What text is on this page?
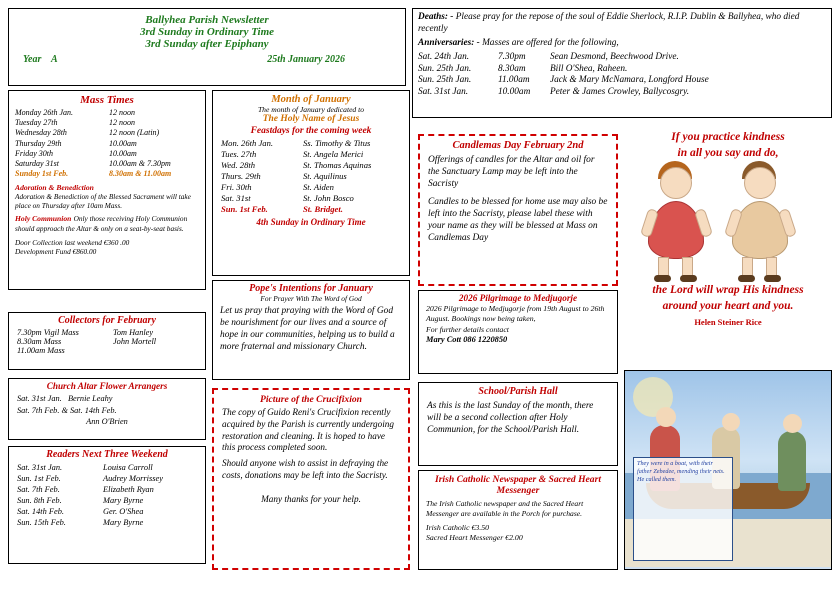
Ballyhea Parish Newsletter
3rd Sunday in Ordinary Time
3rd Sunday after Epiphany
Year A	25th January 2026
Deaths: - Please pray for the repose of the soul of Eddie Sherlock, R.I.P. Dublin & Ballyhea, who died recently
Anniversaries: - Masses are offered for the following,
Sat. 24th Jan.	7.30pm	Sean Desmond, Beechwood Drive.
Sun. 25th Jan.	8.30am	Bill O'Shea, Raheen.
Sun. 25th Jan.	11.00am	Jack & Mary McNamara, Longford House
Sat. 31st Jan.	10.00am	Peter & James Crowley, Ballycosgry.
Mass Times
Monday 26th Jan.	12 noon
Tuesday 27th	12 noon
Wednesday 28th	12 noon (Latin)
Thursday 29th	10.00am
Friday 30th	10.00am
Saturday 31st	10.00am & 7.30pm
Sunday 1st Feb.	8.30am & 11.00am
Adoration & Benediction
Adoration & Benediction of the Blessed Sacrament will take place on Thursday after 10am Mass.
Holy Communion Only those receiving Holy Communion should approach the Altar & only on a seat-by-seat basis.
Door Collection last weekend €360 .00
Development Fund €860.00
Collectors for February
7.30pm Vigil Mass	Tom Hanley
8.30am Mass	John Mortell
11.00am Mass	
Church Altar Flower Arrangers
Sat. 31st Jan. Bernie Leahy
Sat. 7th Feb. & Sat. 14th Feb.
Ann O'Brien
Readers Next Three Weekend
Sat. 31st Jan.	Louisa Carroll
Sun. 1st Feb.	Audrey Morrissey
Sat. 7th Feb.	Elizabeth Ryan
Sun. 8th Feb.	Mary Byrne
Sat. 14th Feb.	Ger. O'Shea
Sun. 15th Feb.	Mary Byrne
Month of January
The month of January dedicated to
The Holy Name of Jesus
Feastdays for the coming week
Mon. 26th Jan.	Ss. Timothy & Titus
Tues. 27th	St. Angela Merici
Wed. 28th	St. Thomas Aquinas
Thurs. 29th	St. Aquilinus
Fri. 30th	St. Aiden
Sat. 31st	St. John Bosco
Sun. 1st Feb.	St. Bridget.
4th Sunday in Ordinary Time
Pope's Intentions for January
For Prayer With The Word of God
Let us pray that praying with the Word of God be nourishment for our lives and a source of hope in our communities, helping us to build a more fraternal and missionary Church.
Picture of the Crucifixion
The copy of Guido Reni's Crucifixion recently acquired by the Parish is currently undergoing restoration and cleaning. It is hoped to have this process completed soon.
Should anyone wish to assist in defraying the costs, donations may be left into the Sacristy.
Many thanks for your help.
Candlemas Day February 2nd
Offerings of candles for the Altar and oil for the Sanctuary Lamp may be left into the Sacristy
Candles to be blessed for home use may also be left into the Sacristy, please label these with your name as they will be blessed at Mass on Candlemas Day
2026 Pilgrimage to Medjugorje
2026 Pilgrimage to Medjugorje from 19th August to 26th August. Bookings now being taken,
For further details contact
Mary Cott 086 1220850
School/Parish Hall
As this is the last Sunday of the month, there will be a second collection after Holy Communion, for the School/Parish Hall.
Irish Catholic Newspaper & Sacred Heart Messenger
The Irish Catholic newspaper and the Sacred Heart Messenger are available in the Porch for purchase.
Irish Catholic €3.50
Sacred Heart Messenger €2.00
If you practice kindness
in all you say and do,
the Lord will wrap His kindness
around your heart and you.
Helen Steiner Rice
They were in a boat, with their father Zebedee, mending their nets. He called them.
